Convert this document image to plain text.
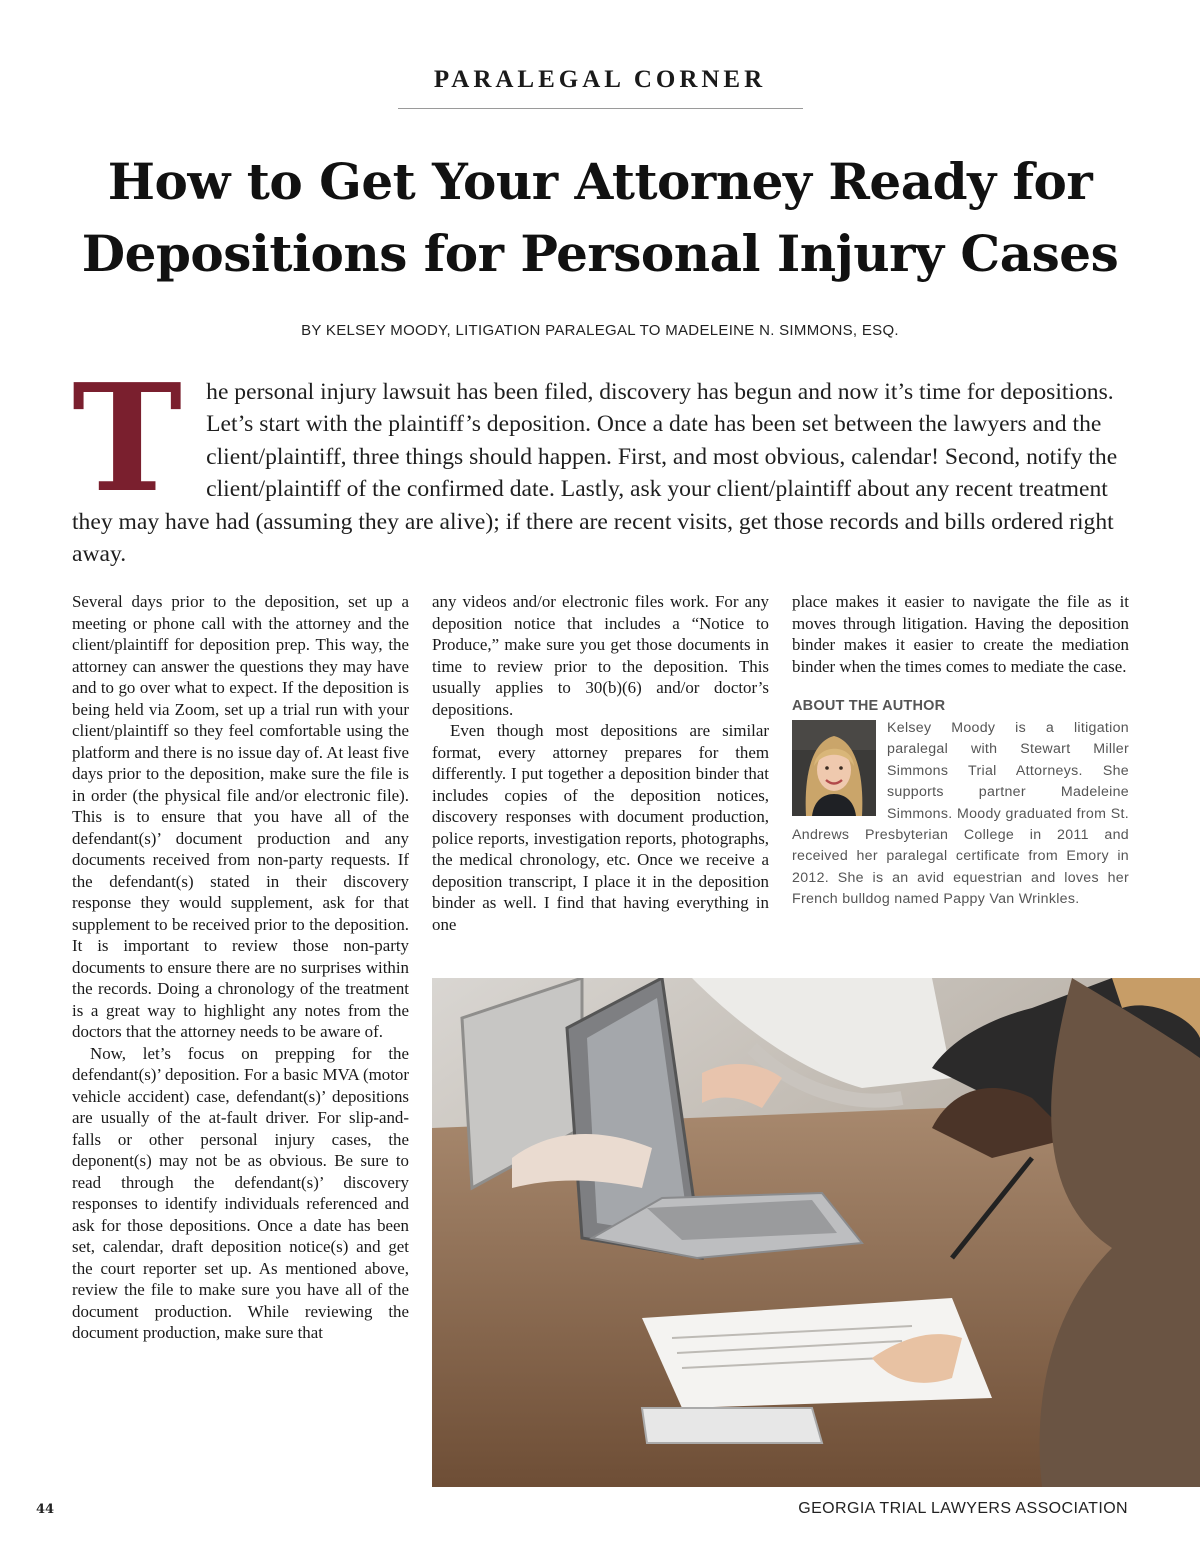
PARALEGAL CORNER
How to Get Your Attorney Ready for
Depositions for Personal Injury Cases
BY KELSEY MOODY, LITIGATION PARALEGAL TO MADELEINE N. SIMMONS, ESQ.
T he personal injury lawsuit has been filed, discovery has begun and now it’s time for depositions. Let’s start with the plaintiff’s deposition. Once a date has been set between the lawyers and the client/plaintiff, three things should happen. First, and most obvious, calendar! Second, notify the client/plaintiff of the confirmed date. Lastly, ask your client/plaintiff about any recent treatment they may have had (assuming they are alive); if there are recent visits, get those records and bills ordered right away.

Several days prior to the deposition, set up a meeting or phone call with the attorney and the client/plaintiff for deposition prep. This way, the attorney can answer the questions they may have and to go over what to expect. If the deposition is being held via Zoom, set up a trial run with your client/plaintiff so they feel comfortable using the platform and there is no issue day of. At least five days prior to the deposition, make sure the file is in order (the physical file and/or electronic file). This is to ensure that you have all of the defendant(s)’ document production and any documents received from non-party requests. If the defendant(s) stated in their discovery response they would supplement, ask for that supplement to be received prior to the deposition. It is important to review those non-party documents to ensure there are no surprises within the records. Doing a chronology of the treatment is a great way to highlight any notes from the doctors that the attorney needs to be aware of.

Now, let’s focus on prepping for the defendant(s)’ deposition. For a basic MVA (motor vehicle accident) case, defendant(s)’ depositions are usually of the at-fault driver. For slip-and-falls or other personal injury cases, the deponent(s) may not be as obvious. Be sure to read through the defendant(s)’ discovery responses to identify individuals referenced and ask for those depositions. Once a date has been set, calendar, draft deposition notice(s) and get the court reporter set up. As mentioned above, review the file to make sure you have all of the document production. While reviewing the document production, make sure that

any videos and/or electronic files work. For any deposition notice that includes a “Notice to Produce,” make sure you get those documents in time to review prior to the deposition. This usually applies to 30(b)(6) and/or doctor’s depositions.

Even though most depositions are similar format, every attorney prepares for them differently. I put together a deposition binder that includes copies of the deposition notices, discovery responses with document production, police reports, investigation reports, photographs, the medical chronology, etc. Once we receive a deposition transcript, I place it in the deposition binder as well. I find that having everything in one

place makes it easier to navigate the file as it moves through litigation. Having the deposition binder makes it easier to create the mediation binder when the times comes to mediate the case.

ABOUT THE AUTHOR
Kelsey Moody is a litigation paralegal with Stewart Miller Simmons Trial Attorneys. She supports partner Madeleine Simmons. Moody graduated from St. Andrews Presbyterian College in 2011 and received her paralegal certificate from Emory in 2012. She is an avid equestrian and loves her French bulldog named Pappy Van Wrinkles.
44	GEORGIA TRIAL LAWYERS ASSOCIATION
